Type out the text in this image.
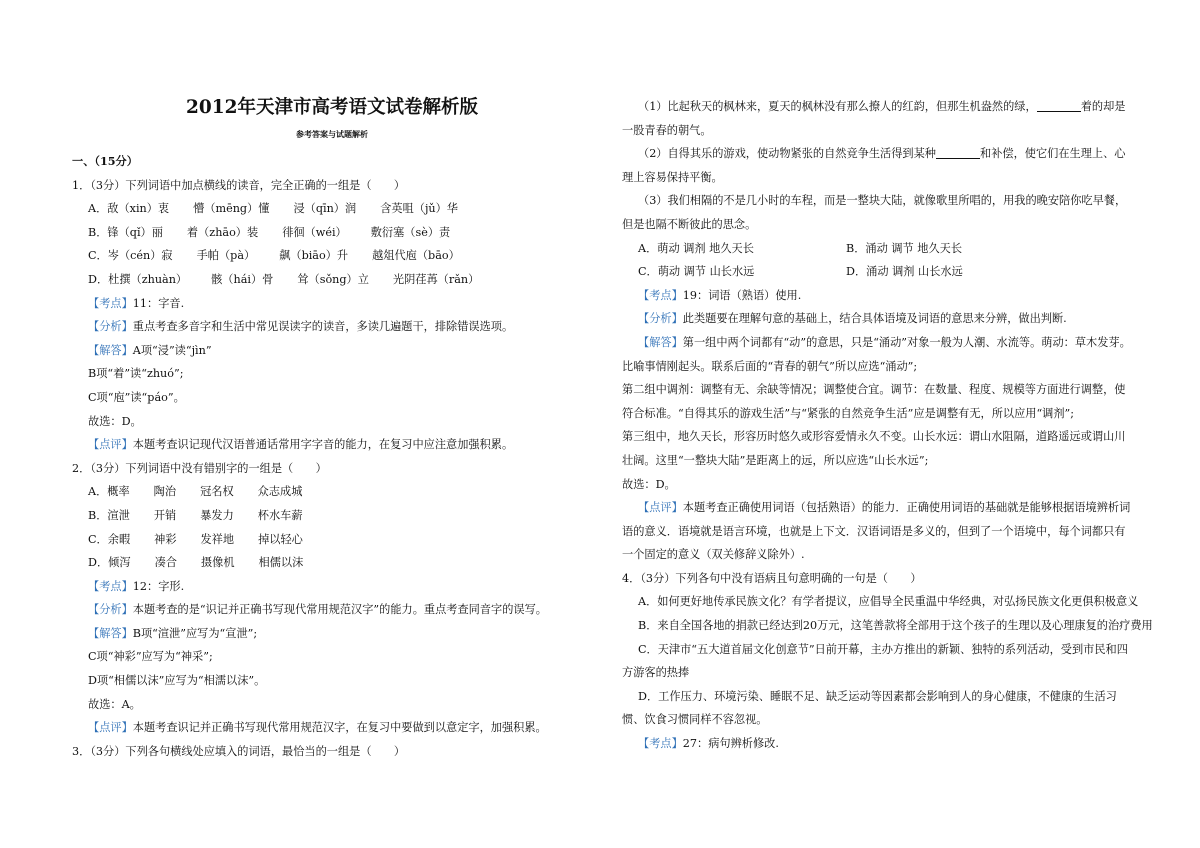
2012年天津市高考语文试卷解析版
参考答案与试题解析
一、（15分）
1．（3分）下列词语中加点横线的读音，完全正确的一组是（　　）
A．敌（xin）衷 懵（mēng）懂 浸（qīn）润 含英咀（jǔ）华
B．锋（qǐ）丽 着（zhāo）装 徘徊（wéi） 敷衍塞（sè）责
C．岑（cén）寂 手帕（pà） 飙（biāo）升 越俎代庖（bāo）
D．杜撰（zhuàn） 骸（hái）骨 耸（sǒng）立 光阴荏苒（rǎn）
【考点】11：字音.
【分析】重点考查多音字和生活中常见误读字的读音，多读几遍题干，排除错误选项。
【解答】A项“浸”读“jìn”
B项“着”读“zhuó”;
C项“庖”读“páo”。
故选：D。
【点评】本题考查识记现代汉语普通话常用字字音的能力，在复习中应注意加强积累。
2．（3分）下列词语中没有错别字的一组是（　　）
A．概率 陶治 冠名权 众志成城
B．渲泄 开销 暴发力 杯水车薪
C．余暇 神彩 发祥地 掉以轻心
D．倾泻 凑合 摄像机 相儒以沫
【考点】12：字形.
【分析】本题考查的是“识记并正确书写现代常用规范汉字”的能力。重点考查同音字的误写。
【解答】B项“渲泄”应写为“宣泄”;
C项“神彩”应写为“神采”;
D项“相儒以沫”应写为“相濡以沫”。
故选：A。
【点评】本题考查识记并正确书写现代常用规范汉字，在复习中要做到以意定字，加强积累。
3．（3分）下列各句横线处应填入的词语，最恰当的一组是（　　）
（1）比起秋天的枫林来，夏天的枫林没有那么撩人的红韵，但那生机盎然的绿，	着的却是一股青春的朝气。
（2）自得其乐的游戏，使动物紧张的自然竞争生活得到某种	和补偿，使它们在生理上、心理上容易保持平衡。
（3）我们相隔的不是几小时的车程，而是一整块大陆，就像歌里所唱的，用我的晚安陪你吃早餐，但是也隔不断彼此的思念。
A．萌动 调剂 地久天长	B．涌动 调节 地久天长
C．萌动 调节 山长水远	D．涌动 调剂 山长水远
【考点】19：词语（熟语）使用.
【分析】此类题要在理解句意的基础上，结合具体语境及词语的意思来分辨，做出判断.
【解答】第一组中两个词都有“动”的意思，只是“涌动”对象一般为人潮、水流等。萌动：草木发芽。比喻事情刚起头。联系后面的“青春的朝气”所以应选“涌动”;
第二组中调剂：调整有无、余缺等情况；调整使合宜。调节：在数量、程度、规模等方面进行调整，使符合标准。“自得其乐的游戏生活”与“紧张的自然竞争生活”应是调整有无，所以应用“调剂”;
第三组中，地久天长，形容历时悠久或形容爱情永久不变。山长水远：谓山水阻隔，道路遥远或谓山川壮阔。这里“一整块大陆”是距离上的远，所以应选“山长水远”;
故选：D。
【点评】本题考查正确使用词语（包括熟语）的能力．正确使用词语的基础就是能够根据语境辨析词语的意义．语境就是语言环境，也就是上下文．汉语词语是多义的，但到了一个语境中，每个词都只有一个固定的意义（双关修辞义除外）.
4．（3分）下列各句中没有语病且句意明确的一句是（　　）
A．如何更好地传承民族文化？有学者提议，应倡导全民重温中华经典，对弘扬民族文化更俱积极意义
B．来自全国各地的捐款已经达到20万元，这笔善款将全部用于这个孩子的生理以及心理康复的治疗费用
C．天津市“五大道首届文化创意节”日前开幕，主办方推出的新颖、独特的系列活动，受到市民和四方游客的热捧
D．工作压力、环境污染、睡眠不足、缺乏运动等因素都会影响到人的身心健康，不健康的生活习惯、饮食习惯同样不容忽视。
【考点】27：病句辨析修改.
